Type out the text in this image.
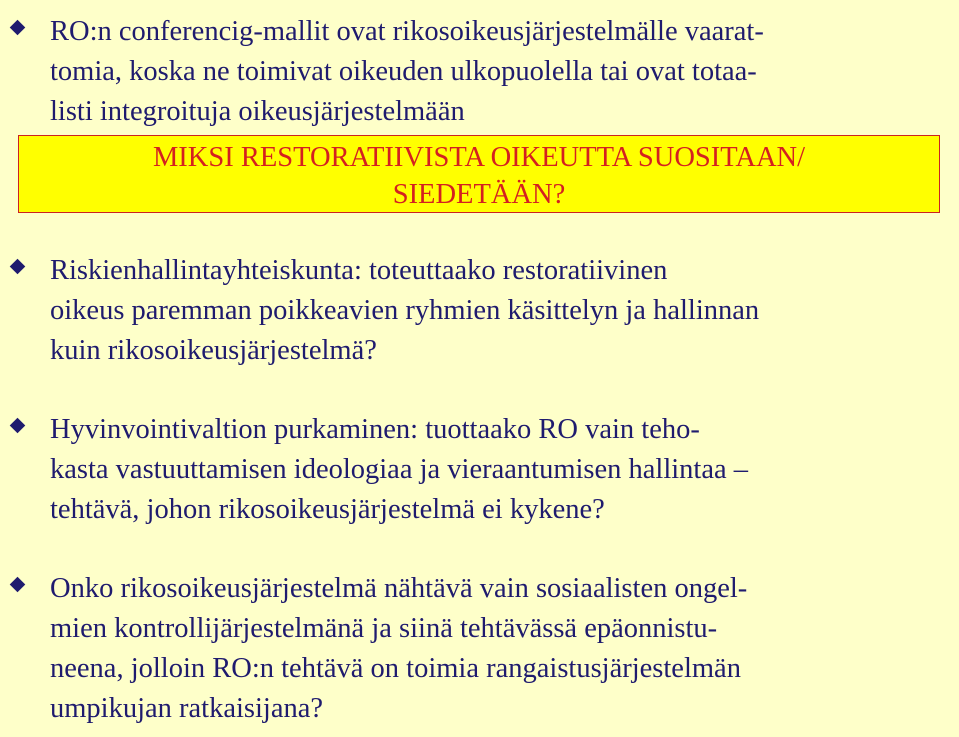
RO:n conferencig-mallit ovat rikosoikeusjärjestelmälle vaarat-
tomia, koska ne toimivat oikeuden ulkopuolella tai ovat totaa-
listi integroituja oikeusjärjestelmään
MIKSI RESTORATIIVISTA OIKEUTTA SUOSITAAN/
SIEDETÄÄN?
Riskienhallintayhteiskunta: toteuttaako restoratiivinen
oikeus paremman poikkeavien ryhmien käsittelyn ja hallinnan
kuin rikosoikeusjärjestelmä?
Hyvinvointivaltion purkaminen: tuottaako RO vain teho-
kasta vastuuttamisen ideologiaa ja vieraantumisen hallintaa –
tehtävä, johon rikosoikeusjärjestelmä ei kykene?
Onko rikosoikeusjärjestelmä nähtävä vain sosiaalisten ongel-
mien kontrollijärjestelmänä ja siinä tehtävässä epäonnistu-
neena, jolloin RO:n tehtävä on toimia rangaistusjärjestelmän
umpikujan ratkaisijana?
